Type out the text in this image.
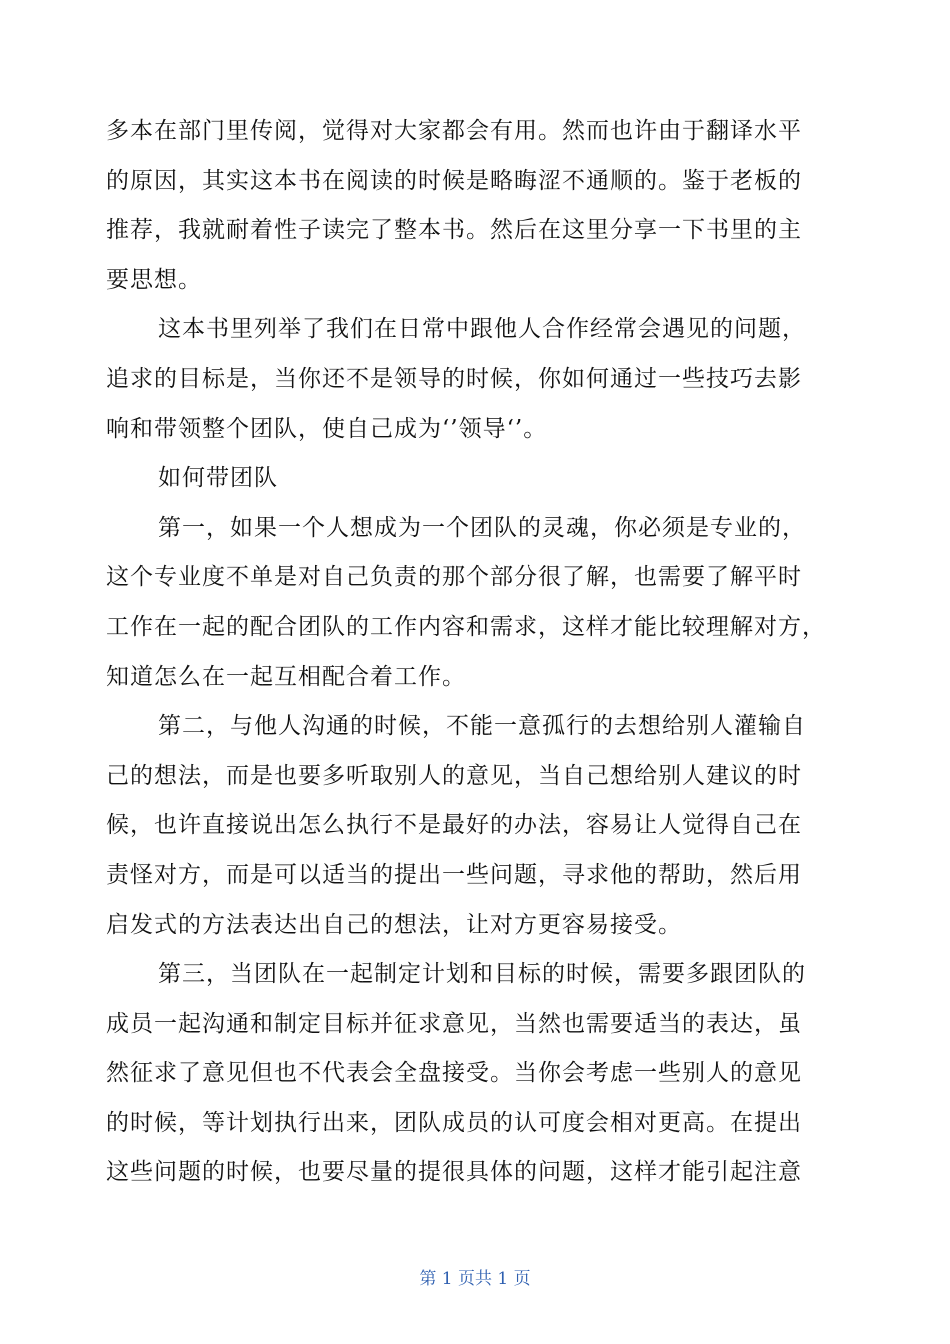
多本在部门里传阅，觉得对大家都会有用。然而也许由于翻译水平
的原因，其实这本书在阅读的时候是略晦涩不通顺的。鉴于老板的
推荐，我就耐着性子读完了整本书。然后在这里分享一下书里的主
要思想。
这本书里列举了我们在日常中跟他人合作经常会遇见的问题，
追求的目标是，当你还不是领导的时候，你如何通过一些技巧去影
响和带领整个团队，使自己成为‘’领导‘’。
如何带团队
第一，如果一个人想成为一个团队的灵魂，你必须是专业的，
这个专业度不单是对自己负责的那个部分很了解，也需要了解平时
工作在一起的配合团队的工作内容和需求，这样才能比较理解对方，
知道怎么在一起互相配合着工作。
第二，与他人沟通的时候，不能一意孤行的去想给别人灌输自
己的想法，而是也要多听取别人的意见，当自己想给别人建议的时
候，也许直接说出怎么执行不是最好的办法，容易让人觉得自己在
责怪对方，而是可以适当的提出一些问题，寻求他的帮助，然后用
启发式的方法表达出自己的想法，让对方更容易接受。
第三，当团队在一起制定计划和目标的时候，需要多跟团队的
成员一起沟通和制定目标并征求意见，当然也需要适当的表达，虽
然征求了意见但也不代表会全盘接受。当你会考虑一些别人的意见
的时候，等计划执行出来，团队成员的认可度会相对更高。在提出
这些问题的时候，也要尽量的提很具体的问题，这样才能引起注意
第 1 页共 1 页
